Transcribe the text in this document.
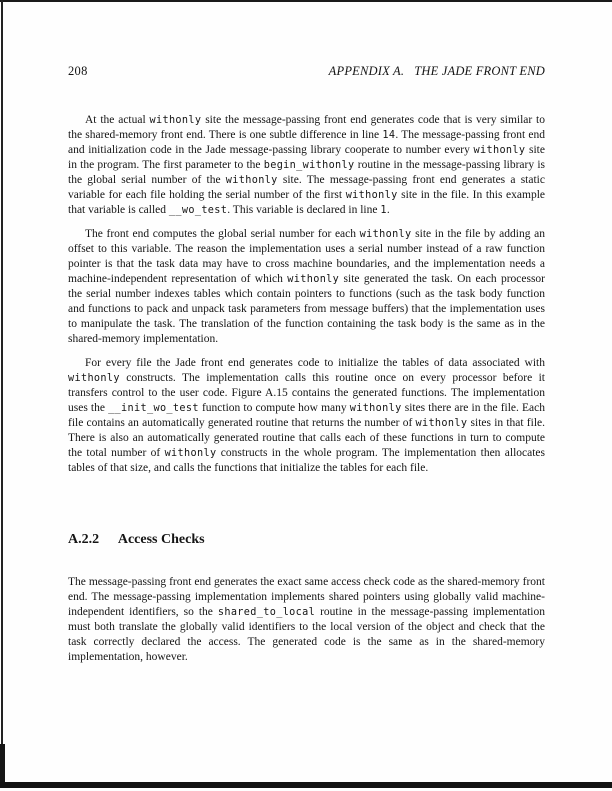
208	APPENDIX A.   THE JADE FRONT END

At the actual withonly site the message-passing front end generates code that is very similar to the shared-memory front end. There is one subtle difference in line 14. The message-passing front end and initialization code in the Jade message-passing library cooperate to number every withonly site in the program. The first parameter to the begin_withonly routine in the message-passing library is the global serial number of the withonly site. The message-passing front end generates a static variable for each file holding the serial number of the first withonly site in the file. In this example that variable is called __wo_test. This variable is declared in line 1.

The front end computes the global serial number for each withonly site in the file by adding an offset to this variable. The reason the implementation uses a serial number instead of a raw function pointer is that the task data may have to cross machine boundaries, and the implementation needs a machine-independent representation of which withonly site generated the task. On each processor the serial number indexes tables which contain pointers to functions (such as the task body function and functions to pack and unpack task parameters from message buffers) that the implementation uses to manipulate the task. The translation of the function containing the task body is the same as in the shared-memory implementation.

For every file the Jade front end generates code to initialize the tables of data associated with withonly constructs. The implementation calls this routine once on every processor before it transfers control to the user code. Figure A.15 contains the generated functions. The implementation uses the __init_wo_test function to compute how many withonly sites there are in the file. Each file contains an automatically generated routine that returns the number of withonly sites in that file. There is also an automatically generated routine that calls each of these functions in turn to compute the total number of withonly constructs in the whole program. The implementation then allocates tables of that size, and calls the functions that initialize the tables for each file.

A.2.2 Access Checks

The message-passing front end generates the exact same access check code as the shared-memory front end. The message-passing implementation implements shared pointers using globally valid machine-independent identifiers, so the shared_to_local routine in the message-passing implementation must both translate the globally valid identifiers to the local version of the object and check that the task correctly declared the access. The generated code is the same as in the shared-memory implementation, however.
